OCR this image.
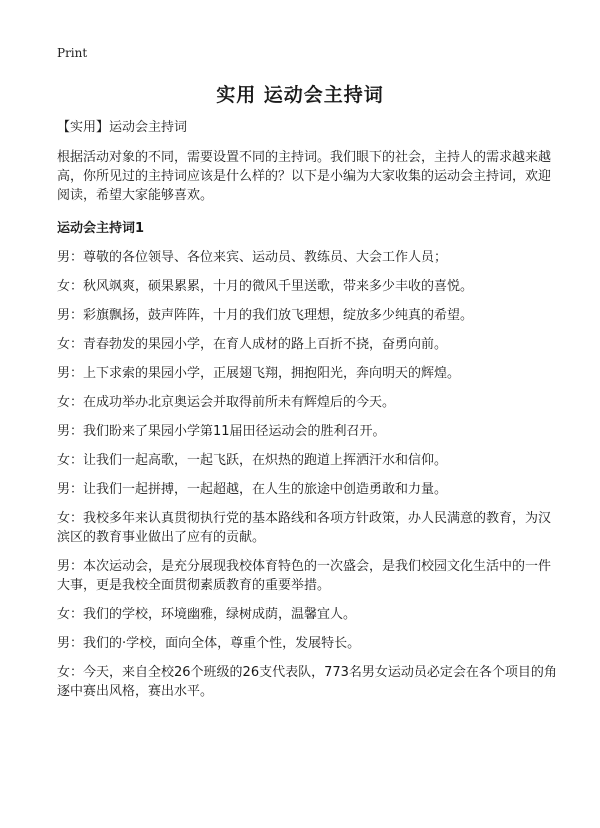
Print
实用 运动会主持词

【实用】运动会主持词

根据活动对象的不同，需要设置不同的主持词。我们眼下的社会，主持人的需求越来越高，你所见过的主持词应该是什么样的？以下是小编为大家收集的运动会主持词，欢迎阅读，希望大家能够喜欢。

运动会主持词1

男：尊敬的各位领导、各位来宾、运动员、教练员、大会工作人员；

女：秋风飒爽，硕果累累，十月的微风千里送歌，带来多少丰收的喜悦。

男：彩旗飘扬，鼓声阵阵，十月的我们放飞理想，绽放多少纯真的希望。

女：青春勃发的果园小学，在育人成材的路上百折不挠，奋勇向前。

男：上下求索的果园小学，正展翅飞翔，拥抱阳光，奔向明天的辉煌。

女：在成功举办北京奥运会并取得前所未有辉煌后的今天。

男：我们盼来了果园小学第11届田径运动会的胜利召开。

女：让我们一起高歌，一起飞跃，在炽热的跑道上挥洒汗水和信仰。

男：让我们一起拼搏，一起超越，在人生的旅途中创造勇敢和力量。

女：我校多年来认真贯彻执行党的基本路线和各项方针政策，办人民满意的教育，为汉滨区的教育事业做出了应有的贡献。

男：本次运动会，是充分展现我校体育特色的一次盛会，是我们校园文化生活中的一件大事，更是我校全面贯彻素质教育的重要举措。

女：我们的学校，环境幽雅，绿树成荫，温馨宜人。

男：我们的·学校，面向全体，尊重个性，发展特长。

女：今天，来自全校26个班级的26支代表队，773名男女运动员必定会在各个项目的角逐中赛出风格，赛出水平。
